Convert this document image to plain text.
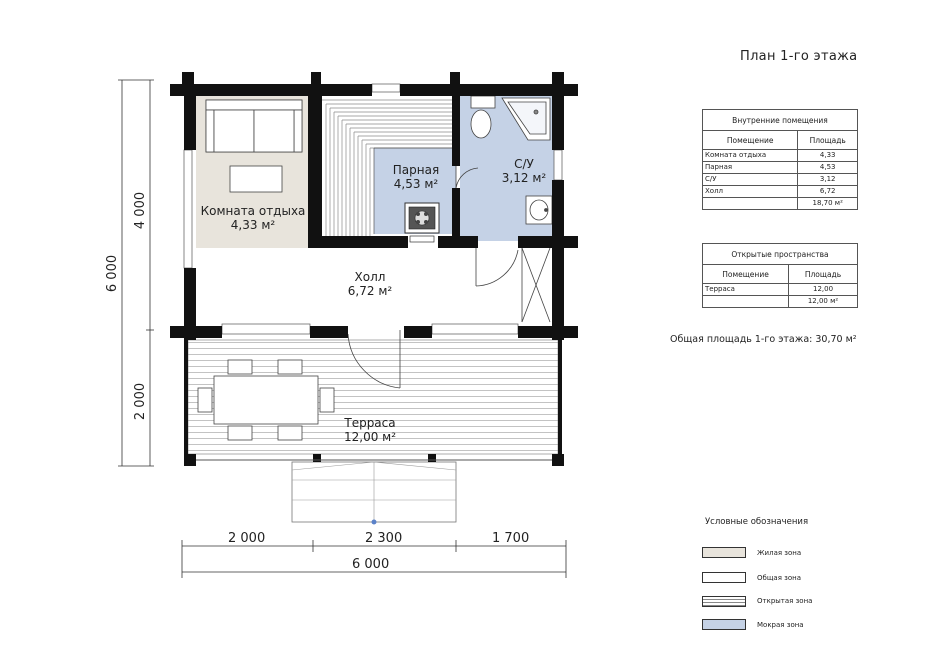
Комната отдыха
4,33 м²
Парная
4,53 м²
С/У
3,12 м²
Холл
6,72 м²
Терраса
12,00 м²
6 000
4 000
2 000
2 000	2 300	1 700
6 000
План 1-го этажа
Внутренние помещения	
Помещение	Площадь
Комната отдыха	4,33
Парная	4,53
С/У	3,12
Холл	6,72
	18,70 м²
Открытые пространства	
Помещение	Площадь
Терраса	12,00
	12,00 м²
Общая площадь 1-го этажа: 30,70 м²
Условные обозначения
Жилая зона
Общая зона
Открытая зона
Мокрая зона
